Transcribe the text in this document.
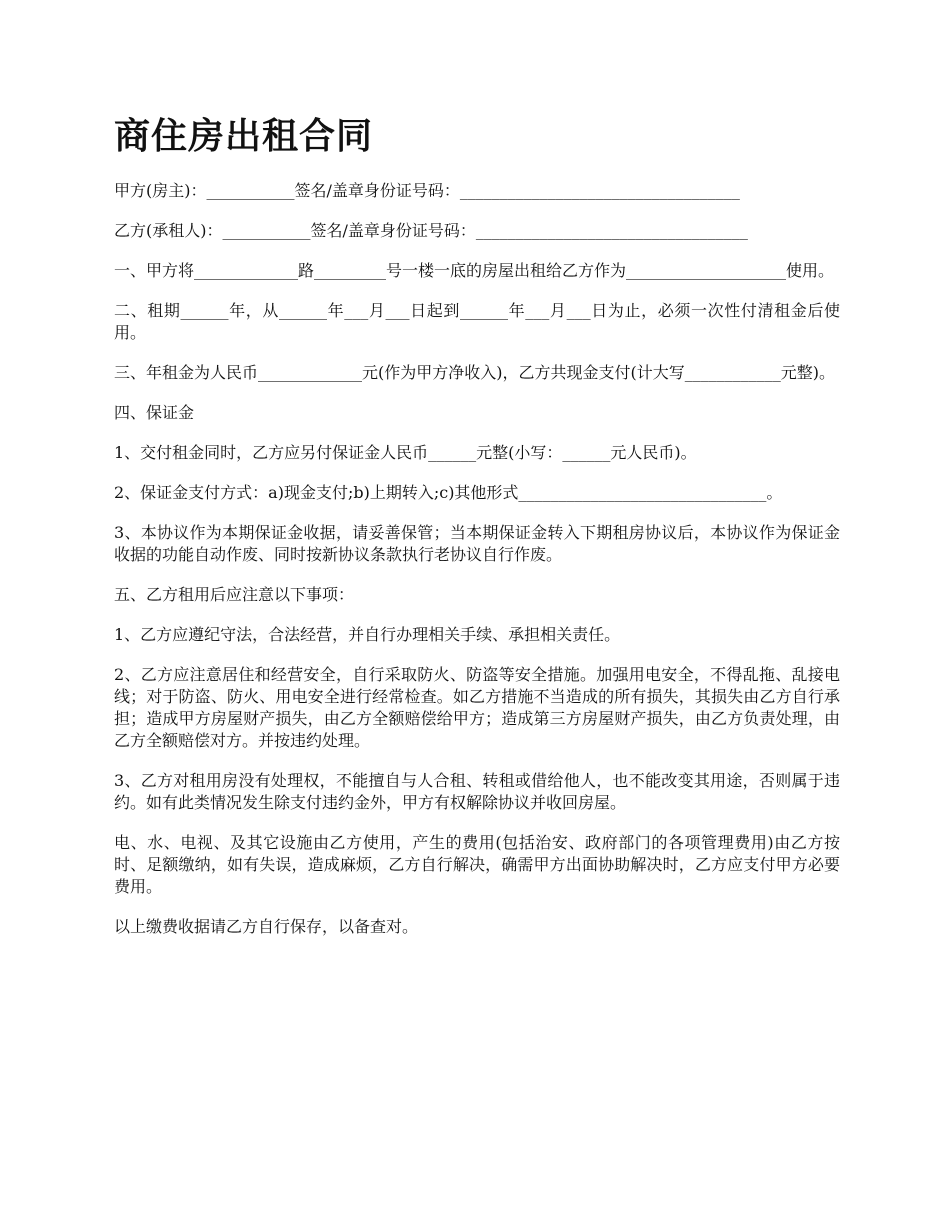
商住房出租合同

甲方(房主)：___________签名/盖章身份证号码：___________________________________

乙方(承租人)：___________签名/盖章身份证号码：__________________________________

一、甲方将_____________路_________号一楼一底的房屋出租给乙方作为____________________使用。

二、租期______年，从______年___月___日起到______年___月___日为止，必须一次性付清租金后使用。

三、年租金为人民币_____________元(作为甲方净收入)，乙方共现金支付(计大写____________元整)。

四、保证金

1、交付租金同时，乙方应另付保证金人民币______元整(小写：______元人民币)。

2、保证金支付方式：a)现金支付;b)上期转入;c)其他形式_______________________________。

3、本协议作为本期保证金收据，请妥善保管；当本期保证金转入下期租房协议后，本协议作为保证金收据的功能自动作废、同时按新协议条款执行老协议自行作废。

五、乙方租用后应注意以下事项：

1、乙方应遵纪守法，合法经营，并自行办理相关手续、承担相关责任。

2、乙方应注意居住和经营安全，自行采取防火、防盗等安全措施。加强用电安全，不得乱拖、乱接电线；对于防盗、防火、用电安全进行经常检查。如乙方措施不当造成的所有损失，其损失由乙方自行承担；造成甲方房屋财产损失，由乙方全额赔偿给甲方；造成第三方房屋财产损失，由乙方负责处理，由乙方全额赔偿对方。并按违约处理。

3、乙方对租用房没有处理权，不能擅自与人合租、转租或借给他人，也不能改变其用途，否则属于违约。如有此类情况发生除支付违约金外，甲方有权解除协议并收回房屋。

电、水、电视、及其它设施由乙方使用，产生的费用(包括治安、政府部门的各项管理费用)由乙方按时、足额缴纳，如有失误，造成麻烦，乙方自行解决，确需甲方出面协助解决时，乙方应支付甲方必要费用。

以上缴费收据请乙方自行保存，以备查对。
